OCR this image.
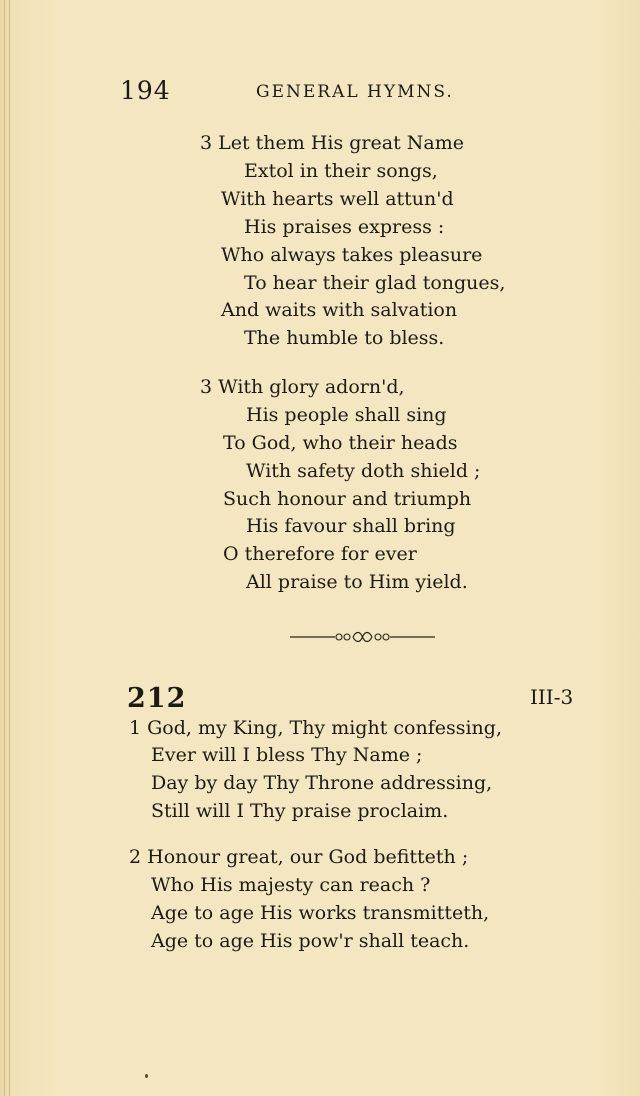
194	GENERAL HYMNS.
3 Let them His great Name
Extol in their songs,
With hearts well attun'd
His praises express :
Who always takes pleasure
To hear their glad tongues,
And waits with salvation
The humble to bless.
3 With glory adorn'd,
His people shall sing
To God, who their heads
With safety doth shield ;
Such honour and triumph
His favour shall bring
O therefore for ever
All praise to Him yield.
212	III-3
1 God, my King, Thy might confessing,
Ever will I bless Thy Name ;
Day by day Thy Throne addressing,
Still will I Thy praise proclaim.
2 Honour great, our God befitteth ;
Who His majesty can reach ?
Age to age His works transmitteth,
Age to age His pow'r shall teach.
